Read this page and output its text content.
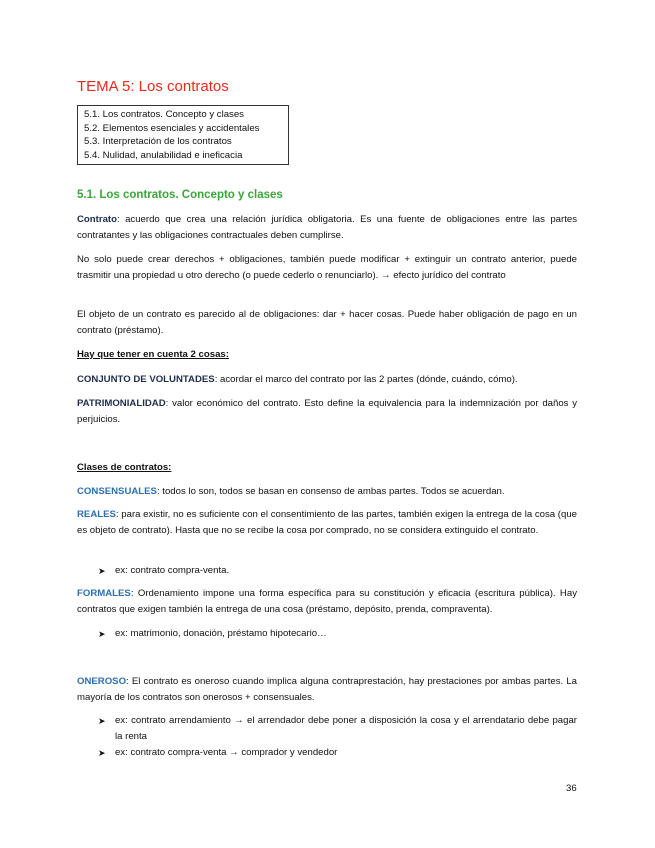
TEMA 5: Los contratos
5.1. Los contratos. Concepto y clases
5.2. Elementos esenciales y accidentales
5.3. Interpretación de los contratos
5.4. Nulidad, anulabilidad e ineficacia
5.1. Los contratos. Concepto y clases

Contrato: acuerdo que crea una relación jurídica obligatoria. Es una fuente de obligaciones entre las partes contratantes y las obligaciones contractuales deben cumplirse.

No solo puede crear derechos + obligaciones, también puede modificar + extinguir un contrato anterior, puede trasmitir una propiedad u otro derecho (o puede cederlo o renunciarlo). → efecto jurídico del contrato

El objeto de un contrato es parecido al de obligaciones: dar + hacer cosas. Puede haber obligación de pago en un contrato (préstamo).

Hay que tener en cuenta 2 cosas:

CONJUNTO DE VOLUNTADES: acordar el marco del contrato por las 2 partes (dónde, cuándo, cómo).

PATRIMONIALIDAD: valor económico del contrato. Esto define la equivalencia para la indemnización por daños y perjuicios.

Clases de contratos:

CONSENSUALES: todos lo son, todos se basan en consenso de ambas partes. Todos se acuerdan.

REALES: para existir, no es suficiente con el consentimiento de las partes, también exigen la entrega de la cosa (que es objeto de contrato). Hasta que no se recibe la cosa por comprado, no se considera extinguido el contrato.

➤ ex: contrato compra-venta.

FORMALES: Ordenamiento impone una forma específica para su constitución y eficacia (escritura pública). Hay contratos que exigen también la entrega de una cosa (préstamo, depósito, prenda, compraventa).

➤ ex: matrimonio, donación, préstamo hipotecario…

ONEROSO: El contrato es oneroso cuando implica alguna contraprestación, hay prestaciones por ambas partes. La mayoría de los contratos son onerosos + consensuales.

➤ ex: contrato arrendamiento → el arrendador debe poner a disposición la cosa y el arrendatario debe pagar la renta

➤ ex: contrato compra-venta → comprador y vendedor

36
